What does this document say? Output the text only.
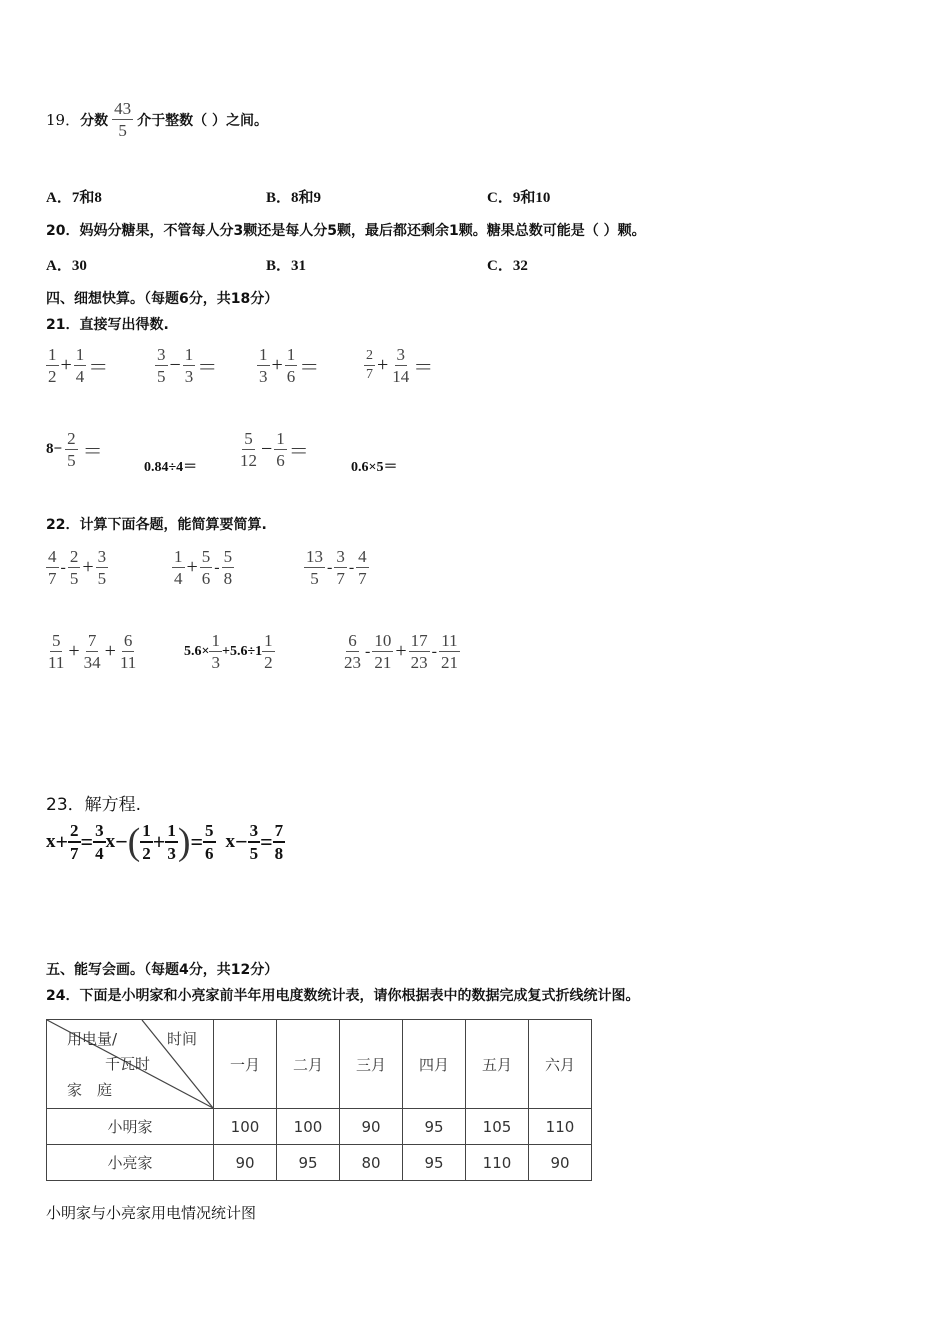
19． 分数 $\frac{43}{5}$ 介于整数（ ）之间。
A．7和8	B．8和9	C．9和10
20．妈妈分糖果，不管每人分3颗还是每人分5颗，最后都还剩余1颗。糖果总数可能是（ ）颗。
A．30	B．31	C．32
四、细想快算。（每题6分，共18分）
21．直接写出得数.
$\frac{1}{2} + \frac{1}{4}$ ＝	$\frac{3}{5} - \frac{1}{3} = \frac{1}{3} + \frac{1}{6}$ ＝	$\frac{2}{7} + \frac{3}{14}$ ＝
$8- \frac{2}{5}$ ＝
$0.84\div 4= \frac{5}{12} - \frac{1}{6}$ ＝
0.6×5＝
22．计算下面各题，能简算要简算.
$\frac{4}{7} - \frac{2}{5} + \frac{3}{5}$	$\frac{1}{4} + \frac{5}{6} - \frac{5}{8}$	$\frac{13}{5} - \frac{3}{7} - \frac{4}{7}$
$\frac{5}{11} + \frac{7}{34} + \frac{6}{11}$	$5.6\times \frac{1}{3} +5.6\div 1 \frac{1}{2}$	$\frac{6}{23} - \frac{10}{21} + \frac{17}{23} - \frac{11}{21}$
23．解方程.
$x + \frac{2}{7} = \frac{3}{4}$ x − ( $\frac{1}{2} + \frac{1}{3}$ ) = $\frac{5}{6}$ $x - \frac{3}{5} = \frac{7}{8}$
五、能写会画。（每题4分，共12分）
24．下面是小明家和小亮家前半年用电度数统计表，请你根据表中的数据完成复式折线统计图。
用电量/ 时间
千瓦时
家　庭	一月	二月	三月	四月	五月	六月
小明家	100	100	90	95	105	110
小亮家	90	95	80	95	110	90
小明家与小亮家用电情况统计图
